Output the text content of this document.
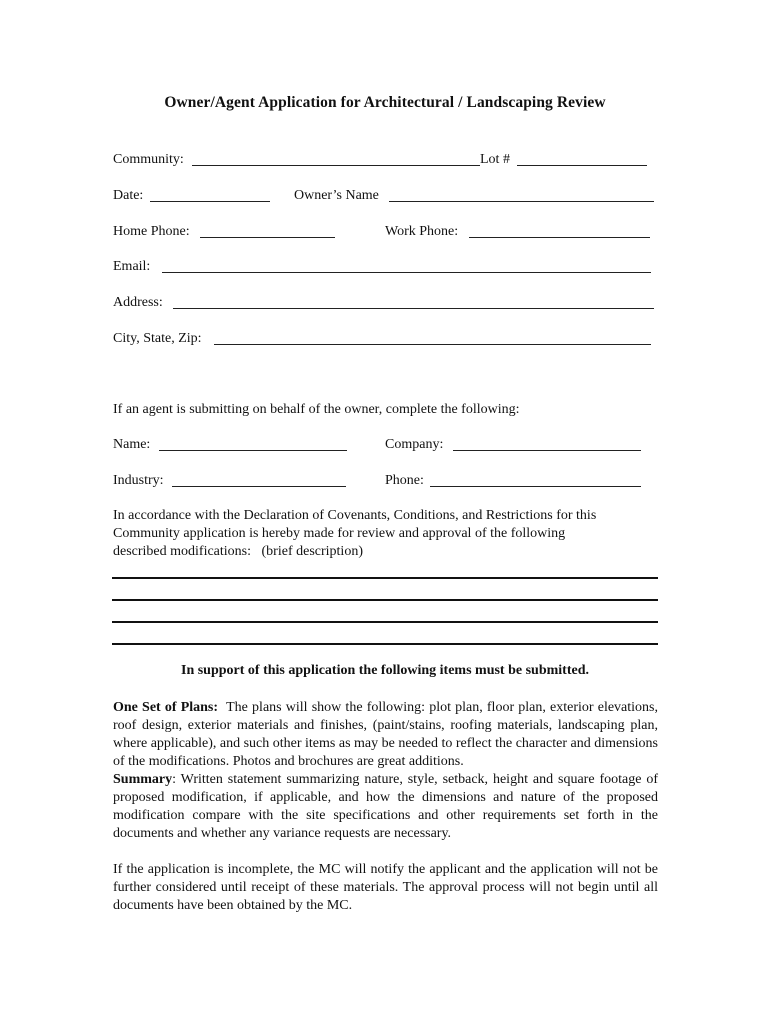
Owner/Agent Application for Architectural / Landscaping Review
Community:	Lot #
Date:	Owner’s Name
Home Phone:	Work Phone:
Email:
Address:
City, State, Zip:
If an agent is submitting on behalf of the owner, complete the following:
Name:	Company:
Industry:	Phone:
In accordance with the Declaration of Covenants, Conditions, and Restrictions for this
Community application is hereby made for review and approval of the following
described modifications:   (brief description)
In support of this application the following items must be submitted.

One Set of Plans: The plans will show the following: plot plan, floor plan, exterior elevations, roof design, exterior materials and finishes, (paint/stains, roofing materials, landscaping plan, where applicable), and such other items as may be needed to reflect the character and dimensions of the modifications. Photos and brochures are great additions.

Summary: Written statement summarizing nature, style, setback, height and square footage of proposed modification, if applicable, and how the dimensions and nature of the proposed modification compare with the site specifications and other requirements set forth in the documents and whether any variance requests are necessary.

If the application is incomplete, the MC will notify the applicant and the application will not be further considered until receipt of these materials. The approval process will not begin until all documents have been obtained by the MC.
